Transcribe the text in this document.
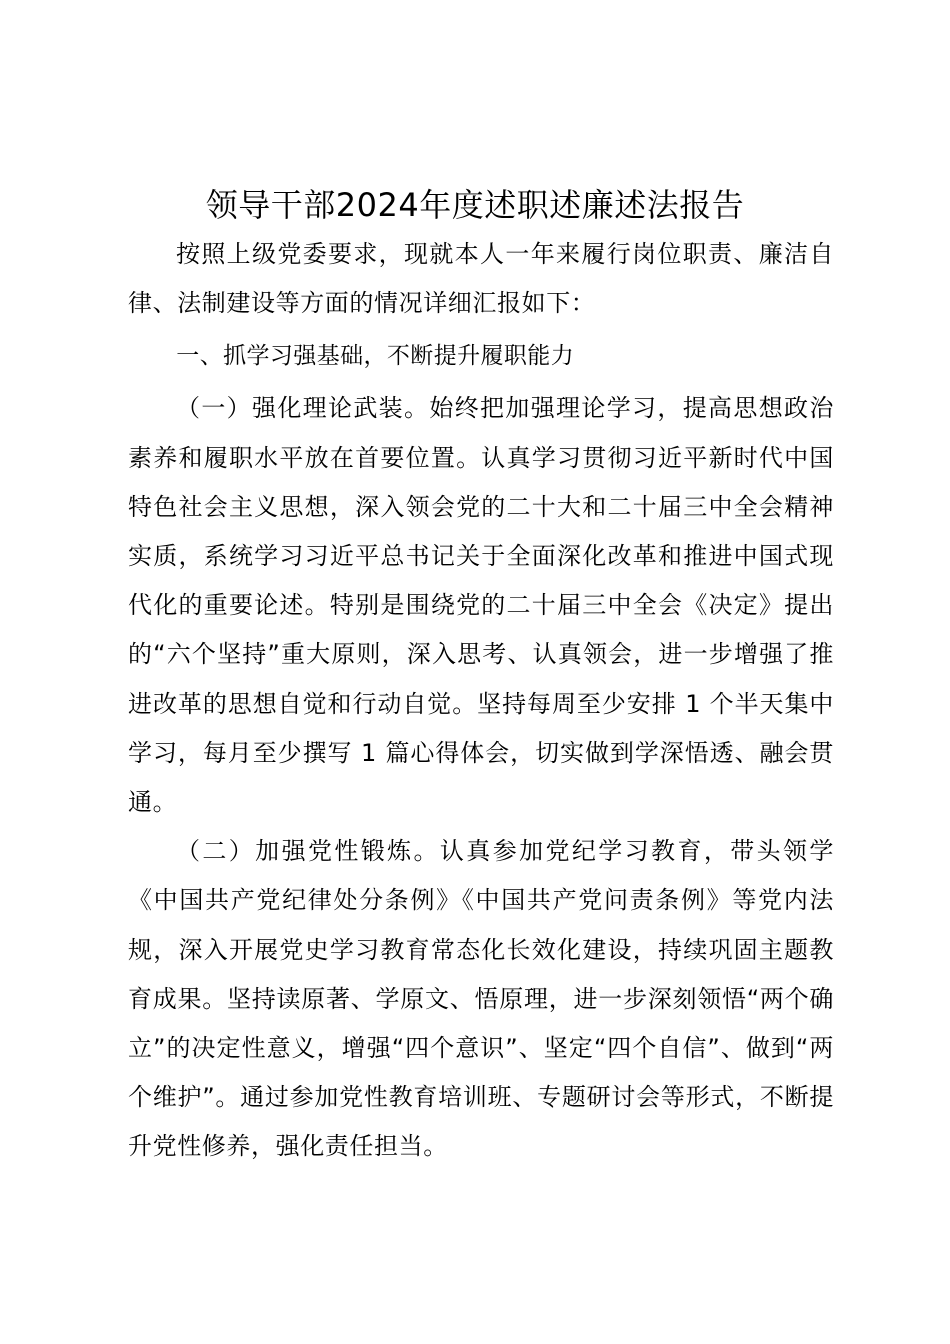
领导干部2024年度述职述廉述法报告

按照上级党委要求，现就本人一年来履行岗位职责、廉洁自律、法制建设等方面的情况详细汇报如下：

一、抓学习强基础，不断提升履职能力

（一）强化理论武装。始终把加强理论学习，提高思想政治素养和履职水平放在首要位置。认真学习贯彻习近平新时代中国特色社会主义思想，深入领会党的二十大和二十届三中全会精神实质，系统学习习近平总书记关于全面深化改革和推进中国式现代化的重要论述。特别是围绕党的二十届三中全会《决定》提出的“六个坚持”重大原则，深入思考、认真领会，进一步增强了推进改革的思想自觉和行动自觉。坚持每周至少安排 1 个半天集中学习，每月至少撰写 1 篇心得体会，切实做到学深悟透、融会贯通。

（二）加强党性锻炼。认真参加党纪学习教育，带头领学《中国共产党纪律处分条例》《中国共产党问责条例》等党内法规，深入开展党史学习教育常态化长效化建设，持续巩固主题教育成果。坚持读原著、学原文、悟原理，进一步深刻领悟“两个确立”的决定性意义，增强“四个意识”、坚定“四个自信”、做到“两个维护”。通过参加党性教育培训班、专题研讨会等形式，不断提升党性修养，强化责任担当。
